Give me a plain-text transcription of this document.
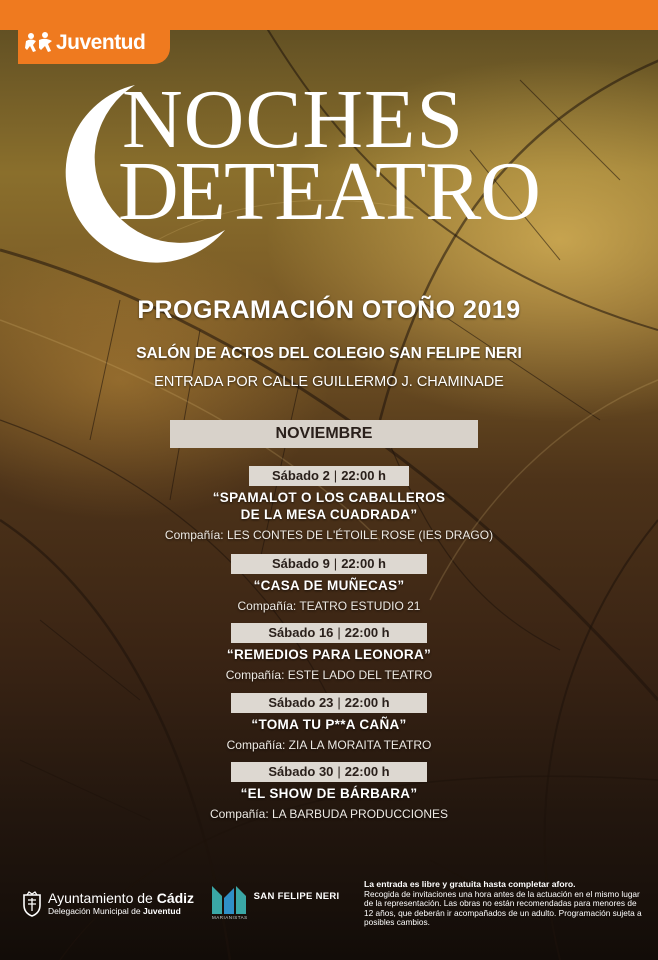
Juventud
NOCHES
DETEATRO
PROGRAMACIÓN OTOÑO 2019
SALÓN DE ACTOS DEL COLEGIO SAN FELIPE NERI
ENTRADA POR CALLE GUILLERMO J. CHAMINADE
NOVIEMBRE
Sábado 2 | 22:00 h
“SPAMALOT O LOS CABALLEROS
DE LA MESA CUADRADA”
Compañía: LES CONTES DE L'ÉTOILE ROSE (IES DRAGO)
Sábado 9 | 22:00 h
“CASA DE MUÑECAS”
Compañía: TEATRO ESTUDIO 21
Sábado 16 | 22:00 h
“REMEDIOS PARA LEONORA”
Compañía: ESTE LADO DEL TEATRO
Sábado 23 | 22:00 h
“TOMA TU P**A CAÑA”
Compañía: ZIA LA MORAITA TEATRO
Sábado 30 | 22:00 h
“EL SHOW DE BÁRBARA”
Compañía: LA BARBUDA PRODUCCIONES
Ayuntamiento de Cádiz
Delegación Municipal de Juventud
MARIANISTAS
SAN FELIPE NERI
La entrada es libre y gratuita hasta completar aforo.
Recogida de invitaciones una hora antes de la actuación en el mismo lugar de la representación. Las obras no están recomendadas para menores de 12 años, que deberán ir acompañados de un adulto. Programación sujeta a posibles cambios.
